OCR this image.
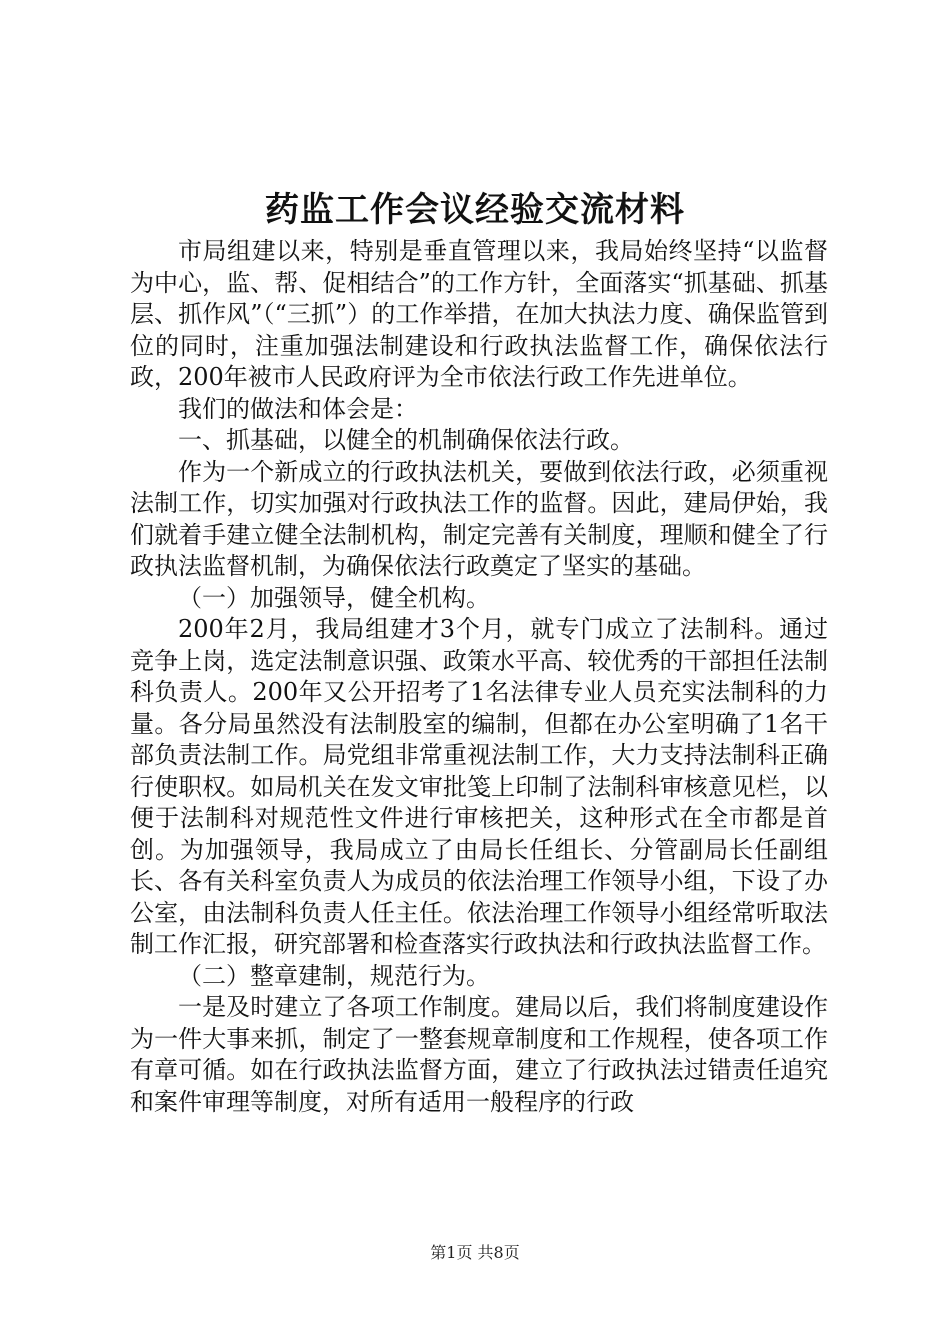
药监工作会议经验交流材料

市局组建以来，特别是垂直管理以来，我局始终坚持“以监督为中心，监、帮、促相结合”的工作方针，全面落实“抓基础、抓基层、抓作风”（“三抓”）的工作举措，在加大执法力度、确保监管到位的同时，注重加强法制建设和行政执法监督工作，确保依法行政，200年被市人民政府评为全市依法行政工作先进单位。

我们的做法和体会是：

一、抓基础，以健全的机制确保依法行政。

作为一个新成立的行政执法机关，要做到依法行政，必须重视法制工作，切实加强对行政执法工作的监督。因此，建局伊始，我们就着手建立健全法制机构，制定完善有关制度，理顺和健全了行政执法监督机制，为确保依法行政奠定了坚实的基础。

（一）加强领导，健全机构。

200年2月，我局组建才3个月，就专门成立了法制科。通过竞争上岗，选定法制意识强、政策水平高、较优秀的干部担任法制科负责人。200年又公开招考了1名法律专业人员充实法制科的力量。各分局虽然没有法制股室的编制，但都在办公室明确了1名干部负责法制工作。局党组非常重视法制工作，大力支持法制科正确行使职权。如局机关在发文审批笺上印制了法制科审核意见栏，以便于法制科对规范性文件进行审核把关，这种形式在全市都是首创。为加强领导，我局成立了由局长任组长、分管副局长任副组长、各有关科室负责人为成员的依法治理工作领导小组，下设了办公室，由法制科负责人任主任。依法治理工作领导小组经常听取法制工作汇报，研究部署和检查落实行政执法和行政执法监督工作。

（二）整章建制，规范行为。

一是及时建立了各项工作制度。建局以后，我们将制度建设作为一件大事来抓，制定了一整套规章制度和工作规程，使各项工作有章可循。如在行政执法监督方面，建立了行政执法过错责任追究和案件审理等制度，对所有适用一般程序的行政

第1页 共8页
